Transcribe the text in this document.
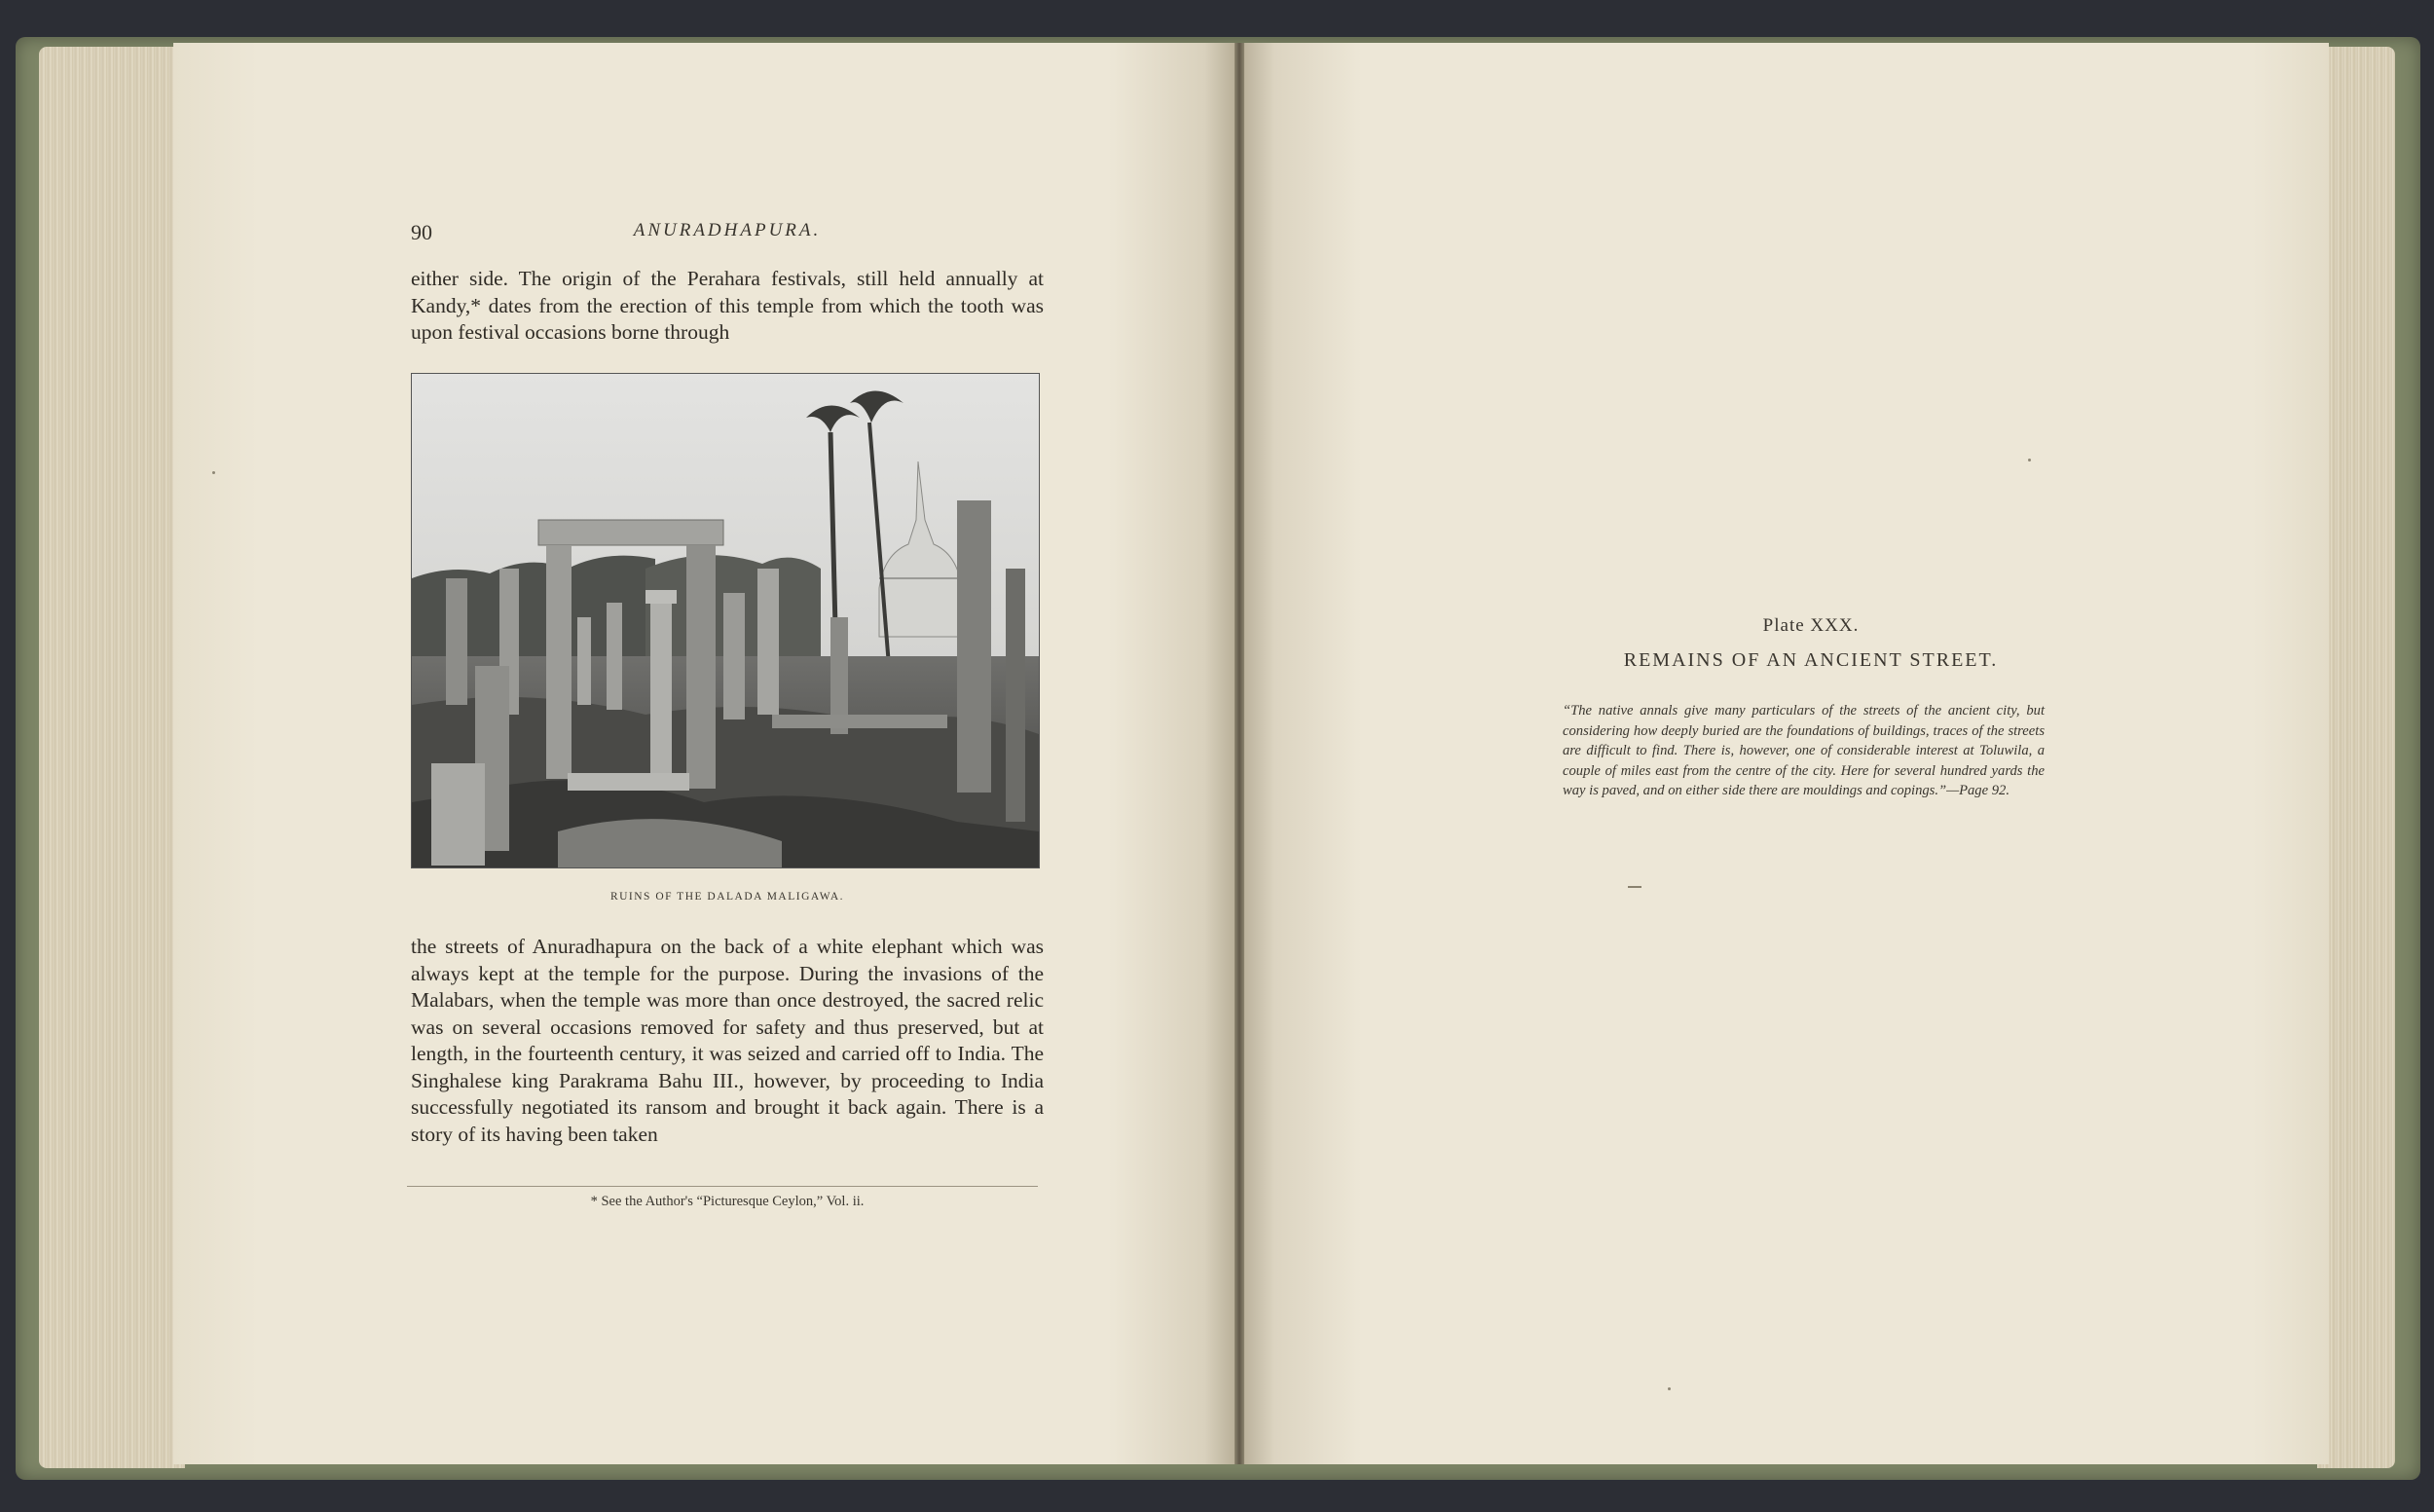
90	ANURADHAPURA.

either side. The origin of the Perahara festivals, still held annually at Kandy,* dates from the erection of this temple from which the tooth was upon festival occasions borne through

RUINS OF THE DALADA MALIGAWA.

the streets of Anuradhapura on the back of a white elephant which was always kept at the temple for the purpose. During the invasions of the Malabars, when the temple was more than once destroyed, the sacred relic was on several occasions removed for safety and thus preserved, but at length, in the fourteenth century, it was seized and carried off to India. The Singhalese king Parakrama Bahu III., however, by proceeding to India successfully negotiated its ransom and brought it back again. There is a story of its having been taken

* See the Author's “Picturesque Ceylon,” Vol. ii.
Plate XXX.
REMAINS OF AN ANCIENT STREET.

“The native annals give many particulars of the streets of the ancient city, but considering how deeply buried are the foundations of buildings, traces of the streets are difficult to find. There is, however, one of considerable interest at Toluwila, a couple of miles east from the centre of the city. Here for several hundred yards the way is paved, and on either side there are mouldings and copings.”—Page 92.
